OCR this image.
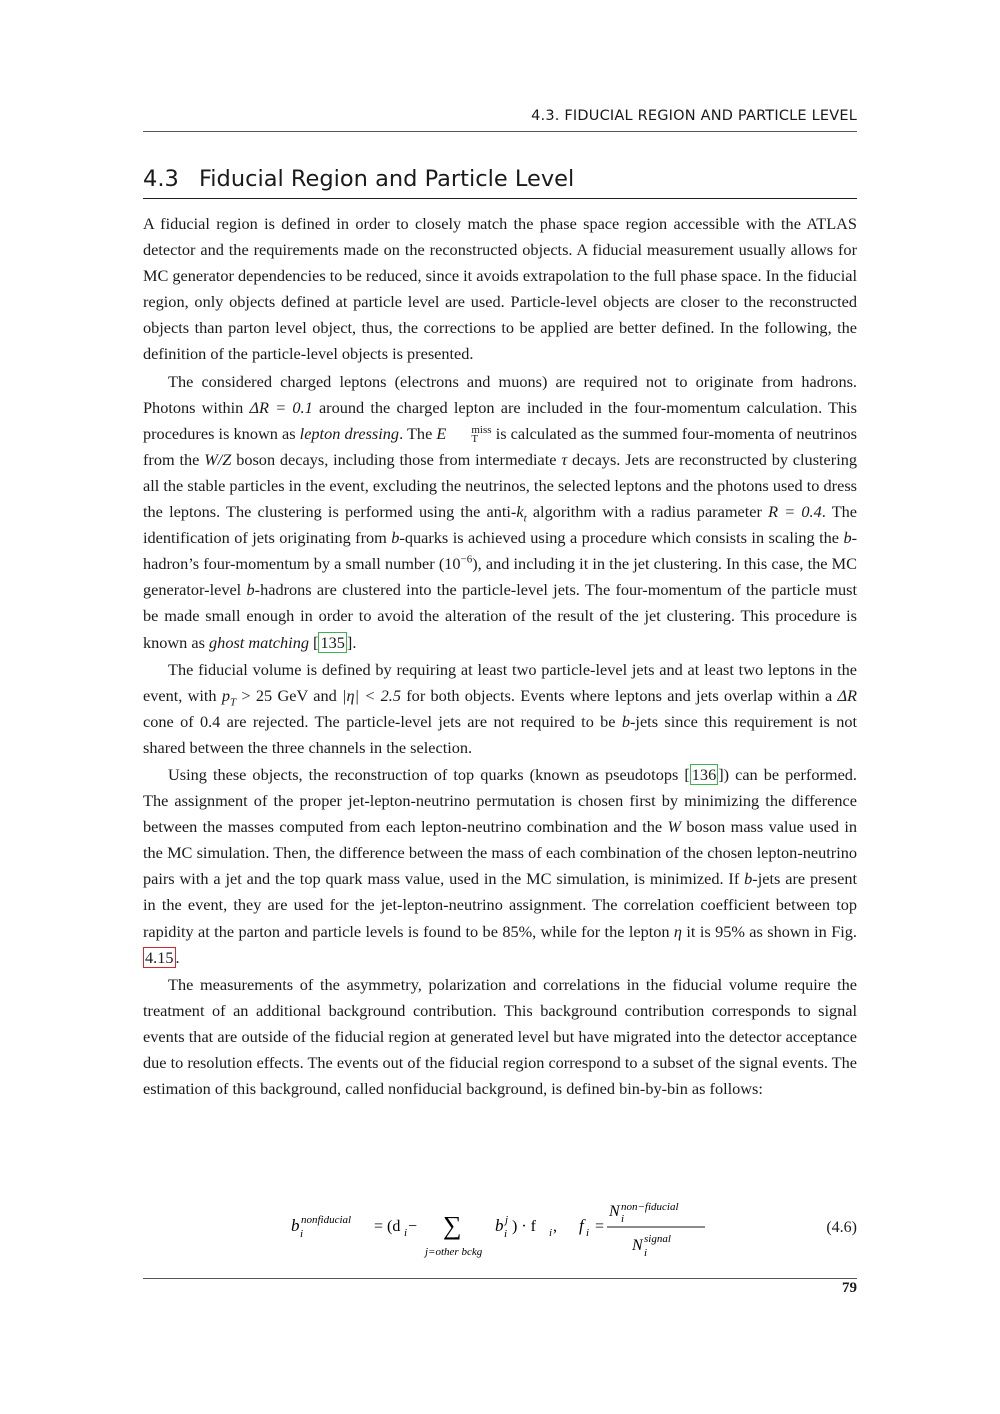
4.3. FIDUCIAL REGION AND PARTICLE LEVEL
4.3 Fiducial Region and Particle Level

A fiducial region is defined in order to closely match the phase space region accessible with the ATLAS detector and the requirements made on the reconstructed objects. A fiducial measurement usually allows for MC generator dependencies to be reduced, since it avoids extrapolation to the full phase space. In the fiducial region, only objects defined at particle level are used. Particle-level objects are closer to the reconstructed objects than parton level object, thus, the corrections to be applied are better defined. In the following, the definition of the particle-level objects is presented.

The considered charged leptons (electrons and muons) are required not to originate from hadrons. Photons within ΔR = 0.1 around the charged lepton are included in the four-momentum calculation. This procedures is known as lepton dressing. The E	miss
T is calculated as the summed four-momenta of neutrinos from the W/Z boson decays, including those from intermediate τ decays. Jets are reconstructed by clustering all the stable particles in the event, excluding the neutrinos, the selected leptons and the photons used to dress the leptons. The clustering is performed using the anti-$k_t$ algorithm with a radius parameter R = 0.4. The identification of jets originating from b-quarks is achieved using a procedure which consists in scaling the b-hadron’s four-momentum by a small number $(10^{-6})$, and including it in the jet clustering. In this case, the MC generator-level b-hadrons are clustered into the particle-level jets. The four-momentum of the particle must be made small enough in order to avoid the alteration of the result of the jet clustering. This procedure is known as ghost matching [ 135 ].

The fiducial volume is defined by requiring at least two particle-level jets and at least two leptons in the event, with $p_T > 25$ GeV and |η| < 2.5 for both objects. Events where leptons and jets overlap within a ΔR cone of 0.4 are rejected. The particle-level jets are not required to be b-jets since this requirement is not shared between the three channels in the selection.

Using these objects, the reconstruction of top quarks (known as pseudotops [ 136 ]) can be performed. The assignment of the proper jet-lepton-neutrino permutation is chosen first by minimizing the difference between the masses computed from each lepton-neutrino combination and the W boson mass value used in the MC simulation. Then, the difference between the mass of each combination of the chosen lepton-neutrino pairs with a jet and the top quark mass value, used in the MC simulation, is minimized. If b-jets are present in the event, they are used for the jet-lepton-neutrino assignment. The correlation coefficient between top rapidity at the parton and particle levels is found to be 85%, while for the lepton η it is 95% as shown in Fig. 4.15 .

The measurements of the asymmetry, polarization and correlations in the fiducial volume require the treatment of an additional background contribution. This background contribution corresponds to signal events that are outside of the fiducial region at generated level but have migrated into the detector acceptance due to resolution effects. The events out of the fiducial region correspond to a subset of the signal events. The estimation of this background, called nonfiducial background, is defined bin-by-bin as follows:

b i
nonfiducial = (d i − ∑
j=other bckg
b i
j ) · f i , f i =
N i
non−fiducial
N i
signal
(4.6)
79
